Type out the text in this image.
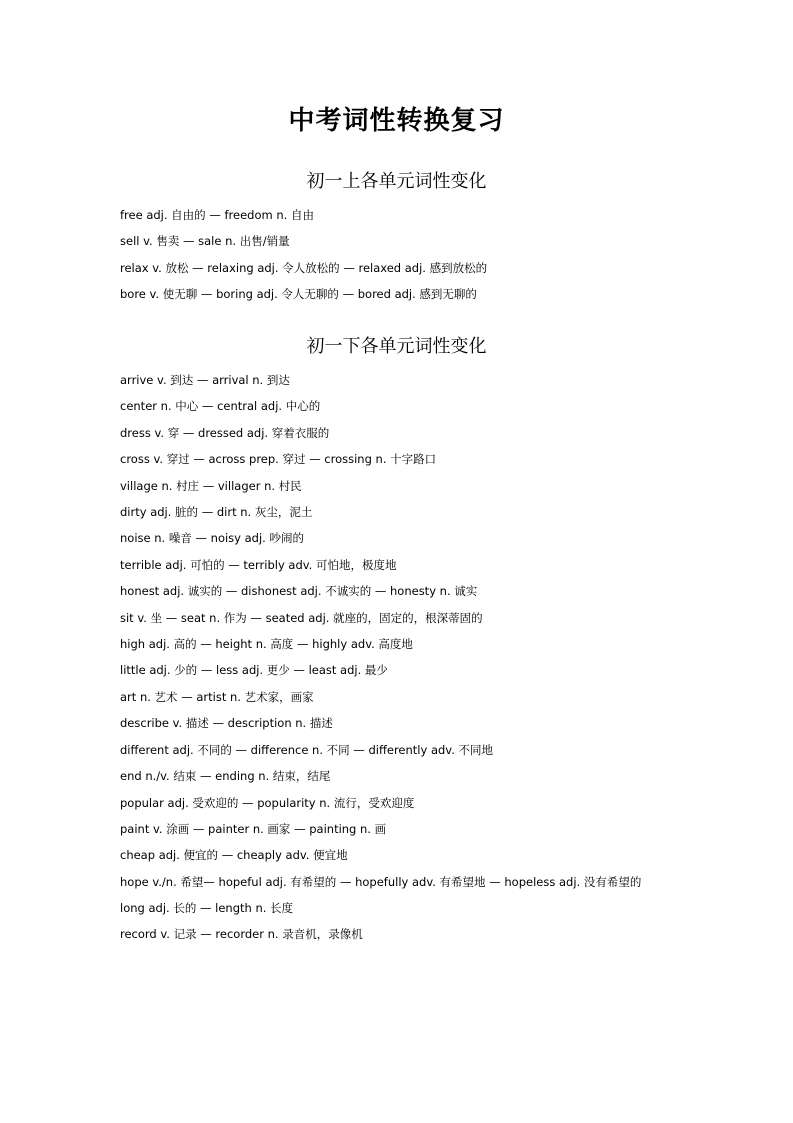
中考词性转换复习
初一上各单元词性变化
free adj. 自由的 — freedom n. 自由
sell v. 售卖 — sale n. 出售/销量
relax v. 放松 — relaxing adj. 令人放松的 — relaxed adj. 感到放松的
bore v. 使无聊 — boring adj. 令人无聊的 — bored adj. 感到无聊的
初一下各单元词性变化
arrive v. 到达 — arrival n. 到达
center n. 中心 — central adj. 中心的
dress v. 穿 — dressed adj. 穿着衣服的
cross v. 穿过 — across prep. 穿过 — crossing n. 十字路口
village n. 村庄 — villager n. 村民
dirty adj. 脏的 — dirt n. 灰尘，泥土
noise n. 噪音 — noisy adj. 吵闹的
terrible adj. 可怕的 — terribly adv. 可怕地，极度地
honest adj. 诚实的 — dishonest adj. 不诚实的 — honesty n. 诚实
sit v. 坐 — seat n. 作为 — seated adj. 就座的，固定的，根深蒂固的
high adj. 高的 — height n. 高度 — highly adv. 高度地
little adj. 少的 — less adj. 更少 — least adj. 最少
art n. 艺术 — artist n. 艺术家，画家
describe v. 描述 — description n. 描述
different adj. 不同的 — difference n. 不同 — differently adv. 不同地
end n./v. 结束 — ending n. 结束，结尾
popular adj. 受欢迎的 — popularity n. 流行，受欢迎度
paint v. 涂画 — painter n. 画家 — painting n. 画
cheap adj. 便宜的 — cheaply adv. 便宜地
hope v./n. 希望— hopeful adj. 有希望的 — hopefully adv. 有希望地 — hopeless adj. 没有希望的
long adj. 长的 — length n. 长度
record v. 记录 — recorder n. 录音机，录像机
